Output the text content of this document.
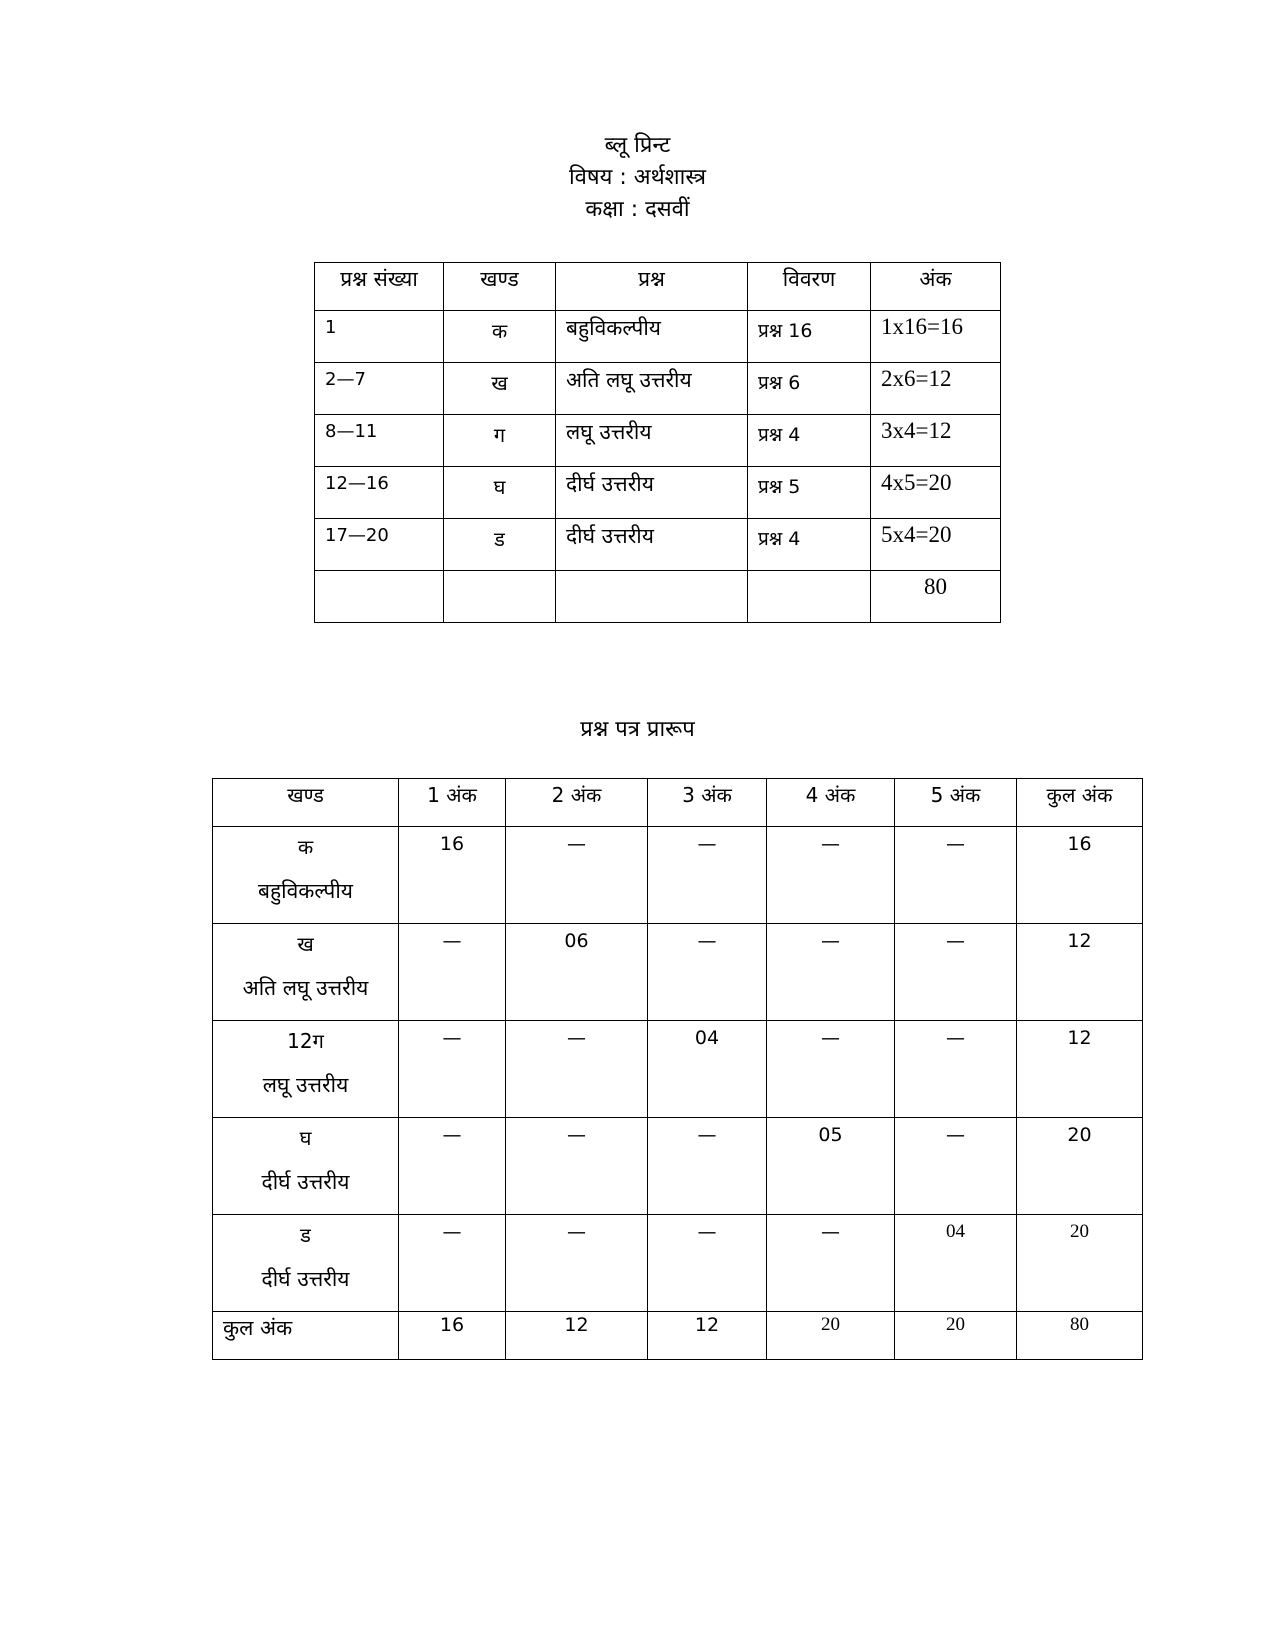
ब्लू प्रिन्ट
विषय : अर्थशास्त्र
कक्षा : दसवीं
प्रश्न संख्या	खण्ड	प्रश्न	विवरण	अंक
1	क	बहुविकल्पीय	प्रश्न 16	1x16=16
2—7	ख	अति लघू उत्तरीय	प्रश्न 6	2x6=12
8—11	ग	लघू उत्तरीय	प्रश्न 4	3x4=12
12—16	घ	दीर्घ उत्तरीय	प्रश्न 5	4x5=20
17—20	ड	दीर्घ उत्तरीय	प्रश्न 4	5x4=20
				80
प्रश्न पत्र प्रारूप
खण्ड	1 अंक	2 अंक	3 अंक	4 अंक	5 अंक	कुल अंक

क
बहुविकल्पीय	16	—	—	—	—	16

ख
अति लघू उत्तरीय	—	06	—	—	—	12

12ग
लघू उत्तरीय	—	—	04	—	—	12

घ
दीर्घ उत्तरीय	—	—	—	05	—	20

ड
दीर्घ उत्तरीय	—	—	—	—	04	20
कुल अंक	16	12	12	20	20	80
